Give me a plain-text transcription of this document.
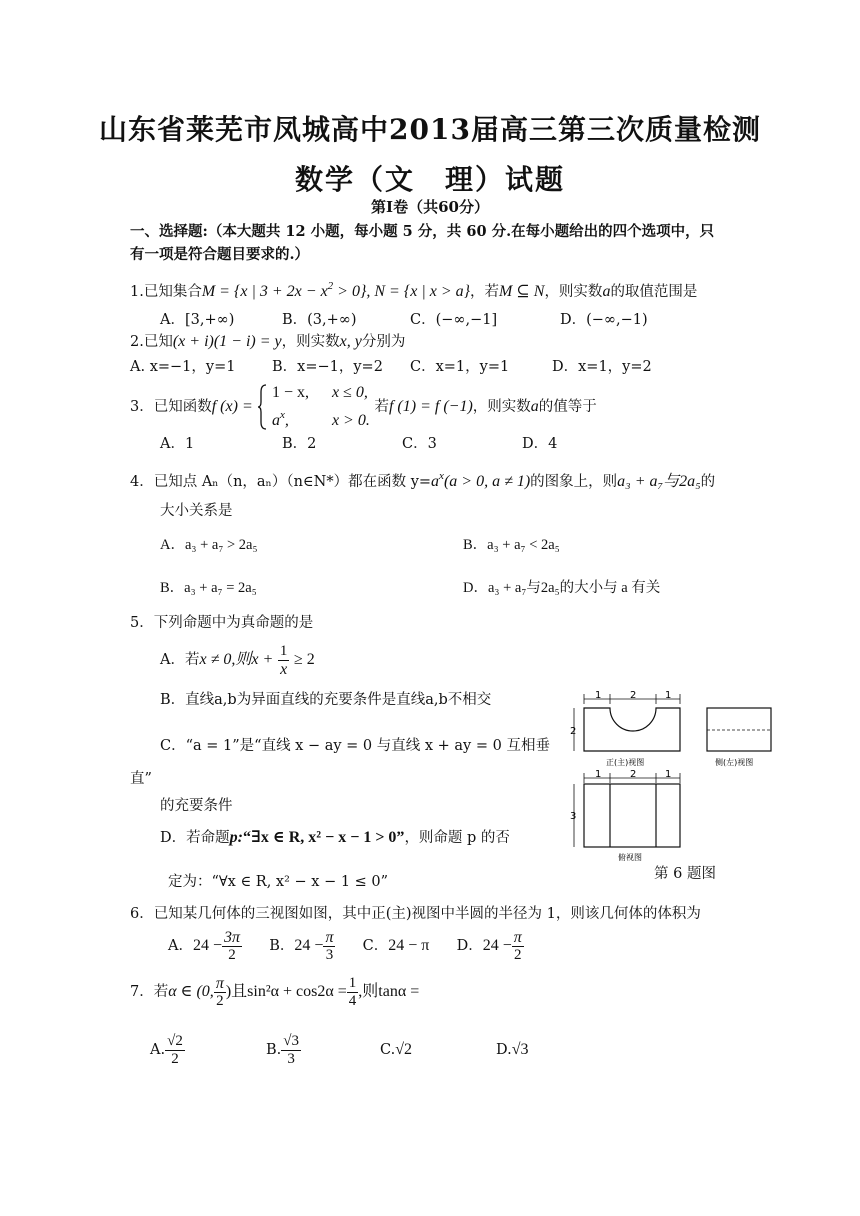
山东省莱芜市凤城高中2013届高三第三次质量检测
数学（文　理）试题
第Ⅰ卷（共60分）
一、选择题:（本大题共 12 小题，每小题 5 分，共 60 分.在每小题给出的四个选项中，只
有一项是符合题目要求的.）
1.已知集合M = {x | $3 + 2x - x^2 > 0$}, N = {x | x > a}，若M ⊆ N，则实数a的取值范围是
A．[3,+∞)	B．(3,+∞)	C．(−∞,−1]	D．(−∞,−1)
2.已知(x + i)(1 − i) = y，则实数x, y分别为
A. x=−1，y=1	B．x=−1，y=2 C．x=1，y=1	D．x=1，y=2
3．已知函数f (x) =
1 − x, x ≤ 0,
$a^x$,	x > 0.
若f (1) = f (−1)，则实数a的值等于
A．1	B．2	C．3	D．4
4．已知点 Aₙ（n，aₙ）（n∈N*）都在函数 $y=a^x(a > 0$, a ≠ 1)的图象上，则a₃ + a₇与2a₅的
大小关系是
A．a₃ + a₇ > 2a₅	B．a₃ + a₇ < 2a₅
B．a₃ + a₇ = 2a₅	D．a₃ + a₇与2a₅的大小与 a 有关
5．下列命题中为真命题的是
A．若x ≠ 0,则$x + \frac{1}{x} \ge 2$
B．直线a,b为异面直线的充要条件是直线a,b不相交
C．“a = 1”是“直线 x − ay = 0 与直线 x + ay = 0 互相垂
直”
的充要条件
D．若命题p:“∃x ∈ R, x² − x − 1 > 0”，则命题 p 的否
定为：“∀x ∈ R, x² − x − 1 ≤ 0”
1	2	1
2
正(主)视图	侧(左)视图
1	2	1
3
俯视图
第 6 题图
6．已知某几何体的三视图如图，其中正(主)视图中半圆的半径为 1，则该几何体的体积为
A．$24 - \frac{3\pi}{2}$ B．$24 - \frac{\pi}{3}$ C．24 − π D．$24 - \frac{\pi}{2}$
7．若α ∈ (0, $\frac{\pi}{2}$ )且$\sin^2\alpha + \cos 2\alpha = \frac{1}{4}$ ,则tanα =
A. $\frac{√2}{2}$	B. $\frac{√3}{3}$	C.√2	D.√3
